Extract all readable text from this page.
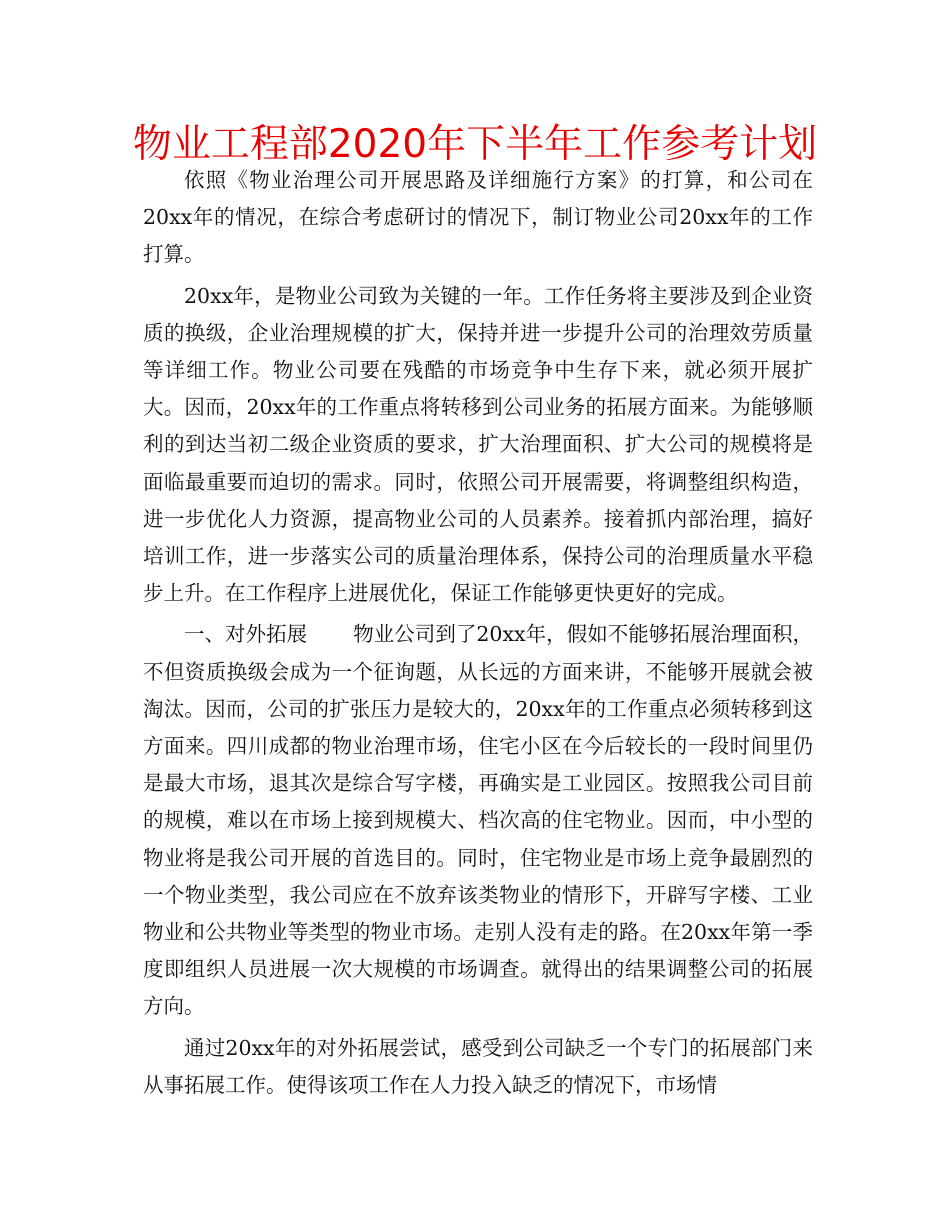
物业工程部2020年下半年工作参考计划

依照《物业治理公司开展思路及详细施行方案》的打算，和公司在20xx年的情况，在综合考虑研讨的情况下，制订物业公司20xx年的工作打算。

20xx年，是物业公司致为关键的一年。工作任务将主要涉及到企业资质的换级，企业治理规模的扩大，保持并进一步提升公司的治理效劳质量等详细工作。物业公司要在残酷的市场竞争中生存下来，就必须开展扩大。因而，20xx年的工作重点将转移到公司业务的拓展方面来。为能够顺利的到达当初二级企业资质的要求，扩大治理面积、扩大公司的规模将是面临最重要而迫切的需求。同时，依照公司开展需要，将调整组织构造，进一步优化人力资源，提高物业公司的人员素养。接着抓内部治理，搞好培训工作，进一步落实公司的质量治理体系，保持公司的治理质量水平稳步上升。在工作程序上进展优化，保证工作能够更快更好的完成。

一、对外拓展 物业公司到了20xx年，假如不能够拓展治理面积，不但资质换级会成为一个征询题，从长远的方面来讲，不能够开展就会被淘汰。因而，公司的扩张压力是较大的，20xx年的工作重点必须转移到这方面来。四川成都的物业治理市场，住宅小区在今后较长的一段时间里仍是最大市场，退其次是综合写字楼，再确实是工业园区。按照我公司目前的规模，难以在市场上接到规模大、档次高的住宅物业。因而，中小型的物业将是我公司开展的首选目的。同时，住宅物业是市场上竞争最剧烈的一个物业类型，我公司应在不放弃该类物业的情形下，开辟写字楼、工业物业和公共物业等类型的物业市场。走别人没有走的路。在20xx年第一季度即组织人员进展一次大规模的市场调查。就得出的结果调整公司的拓展方向。

通过20xx年的对外拓展尝试，感受到公司缺乏一个专门的拓展部门来从事拓展工作。使得该项工作在人力投入缺乏的情况下，市场情
